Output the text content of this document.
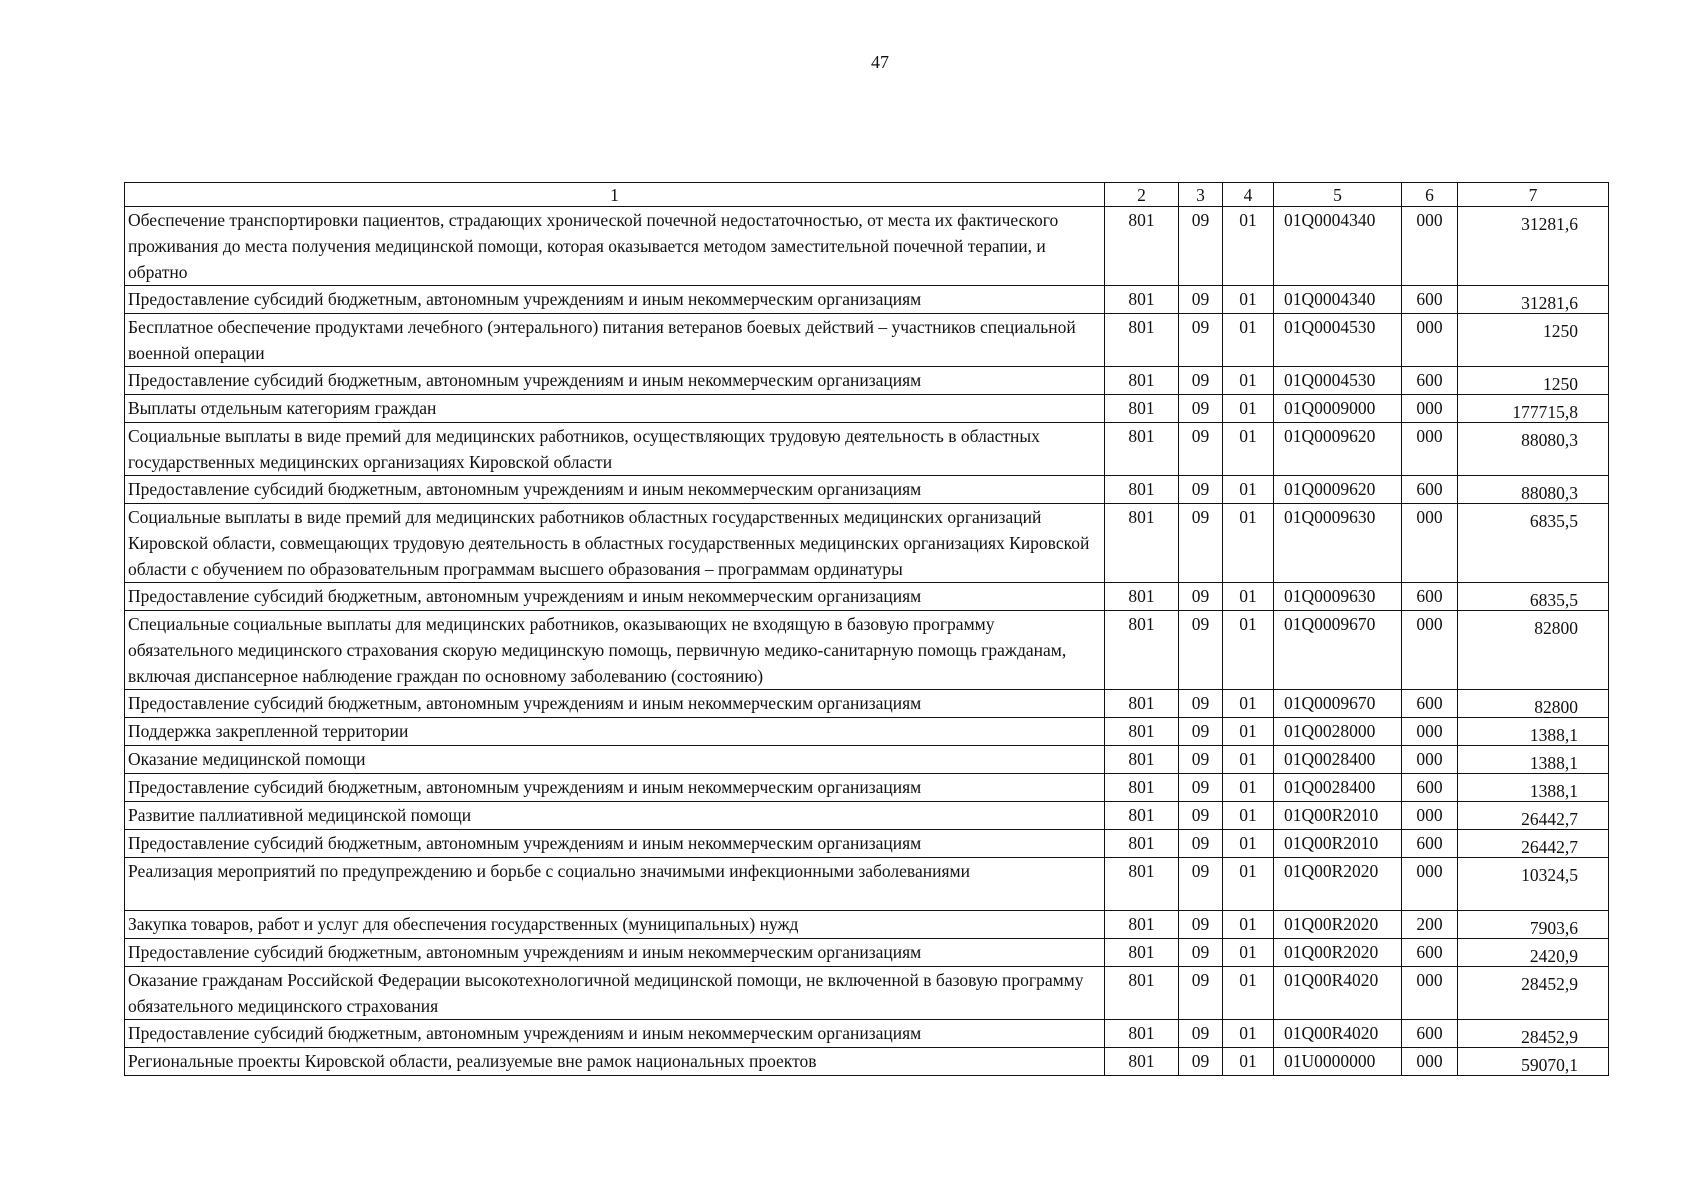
47
1	2	3	4	5	6	7
Обеспечение транспортировки пациентов, страдающих хронической почечной недостаточностью, от места их фактического проживания до места получения медицинской помощи, которая оказывается методом заместительной почечной терапии, и обратно	801	09	01	01Q0004340	000	31281,6
Предоставление субсидий бюджетным, автономным учреждениям и иным некоммерческим организациям	801	09	01	01Q0004340	600	31281,6
Бесплатное обеспечение продуктами лечебного (энтерального) питания ветеранов боевых действий – участников специальной военной операции	801	09	01	01Q0004530	000	1250
Предоставление субсидий бюджетным, автономным учреждениям и иным некоммерческим организациям	801	09	01	01Q0004530	600	1250
Выплаты отдельным категориям граждан	801	09	01	01Q0009000	000	177715,8
Социальные выплаты в виде премий для медицинских работников, осуществляющих трудовую деятельность в областных государственных медицинских организациях Кировской области	801	09	01	01Q0009620	000	88080,3
Предоставление субсидий бюджетным, автономным учреждениям и иным некоммерческим организациям	801	09	01	01Q0009620	600	88080,3
Социальные выплаты в виде премий для медицинских работников областных государственных медицинских организаций Кировской области, совмещающих трудовую деятельность в областных государственных медицинских организациях Кировской области с обучением по образовательным программам высшего образования – программам ординатуры	801	09	01	01Q0009630	000	6835,5
Предоставление субсидий бюджетным, автономным учреждениям и иным некоммерческим организациям	801	09	01	01Q0009630	600	6835,5
Специальные социальные выплаты для медицинских работников, оказывающих не входящую в базовую программу обязательного медицинского страхования скорую медицинскую помощь, первичную медико-санитарную помощь гражданам, включая диспансерное наблюдение граждан по основному заболеванию (состоянию)	801	09	01	01Q0009670	000	82800
Предоставление субсидий бюджетным, автономным учреждениям и иным некоммерческим организациям	801	09	01	01Q0009670	600	82800
Поддержка закрепленной территории	801	09	01	01Q0028000	000	1388,1
Оказание медицинской помощи	801	09	01	01Q0028400	000	1388,1
Предоставление субсидий бюджетным, автономным учреждениям и иным некоммерческим организациям	801	09	01	01Q0028400	600	1388,1
Развитие паллиативной медицинской помощи	801	09	01	01Q00R2010	000	26442,7
Предоставление субсидий бюджетным, автономным учреждениям и иным некоммерческим организациям	801	09	01	01Q00R2010	600	26442,7
Реализация мероприятий по предупреждению и борьбе с социально значимыми инфекционными заболеваниями	801	09	01	01Q00R2020	000	10324,5
Закупка товаров, работ и услуг для обеспечения государственных (муниципальных) нужд	801	09	01	01Q00R2020	200	7903,6
Предоставление субсидий бюджетным, автономным учреждениям и иным некоммерческим организациям	801	09	01	01Q00R2020	600	2420,9
Оказание гражданам Российской Федерации высокотехнологичной медицинской помощи, не включенной в базовую программу обязательного медицинского страхования	801	09	01	01Q00R4020	000	28452,9
Предоставление субсидий бюджетным, автономным учреждениям и иным некоммерческим организациям	801	09	01	01Q00R4020	600	28452,9
Региональные проекты Кировской области, реализуемые вне рамок национальных проектов	801	09	01	01U0000000	000	59070,1
